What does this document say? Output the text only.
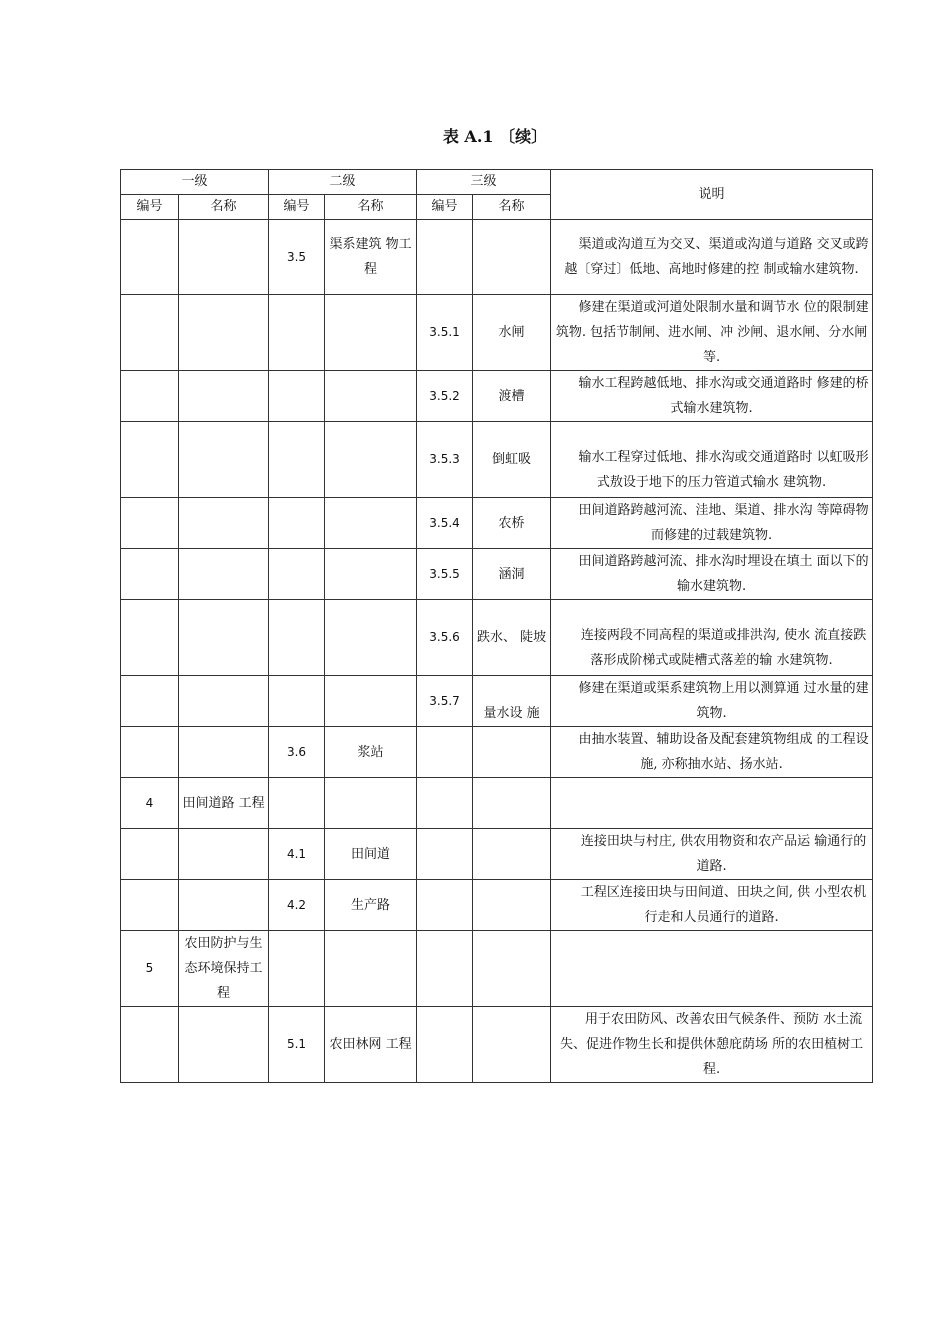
表 A.1 〔续〕
一级		二级		三级		说明
编号	名称	编号	名称	编号	名称	
		3.5	渠系建筑 物工程			渠道或沟道互为交叉、渠道或沟道与道路 交叉或跨越〔穿过〕低地、高地时修建的控 制或输水建筑物.
				3.5.1	水闸	修建在渠道或河道处限制水量和调节水 位的限制建筑物. 包括节制闸、进水闸、冲 沙闸、退水闸、分水闸等.
				3.5.2	渡槽	输水工程跨越低地、排水沟或交通道路时 修建的桥式输水建筑物.
				3.5.3	倒虹吸	输水工程穿过低地、排水沟或交通道路时 以虹吸形式敖设于地下的压力管道式输水 建筑物.
				3.5.4	农桥	田间道路跨越河流、洼地、渠道、排水沟 等障碍物而修建的过载建筑物.
				3.5.5	涵洞	田间道路跨越河流、排水沟时埋设在填土 面以下的输水建筑物.
				3.5.6	跌水、 陡坡	连接两段不同高程的渠道或排洪沟, 使水 流直接跌落形成阶梯式或陡槽式落差的输 水建筑物.
				3.5.7	量水设 施	修建在渠道或渠系建筑物上用以测算通 过水量的建筑物.
		3.6	浆站			由抽水装置、辅助设备及配套建筑物组成 的工程设施, 亦称抽水站、扬水站.
4	田间道路 工程					
		4.1	田间道			连接田块与村庄, 供农用物资和农产品运 输通行的道路.
		4.2	生产路			工程区连接田块与田间道、田块之间, 供 小型农机行走和人员通行的道路.
5	农田防护与生态环境保持工程					
		5.1	农田林网 工程			用于农田防风、改善农田气候条件、预防 水土流失、促进作物生长和提供休憩庇荫场 所的农田植树工程.
